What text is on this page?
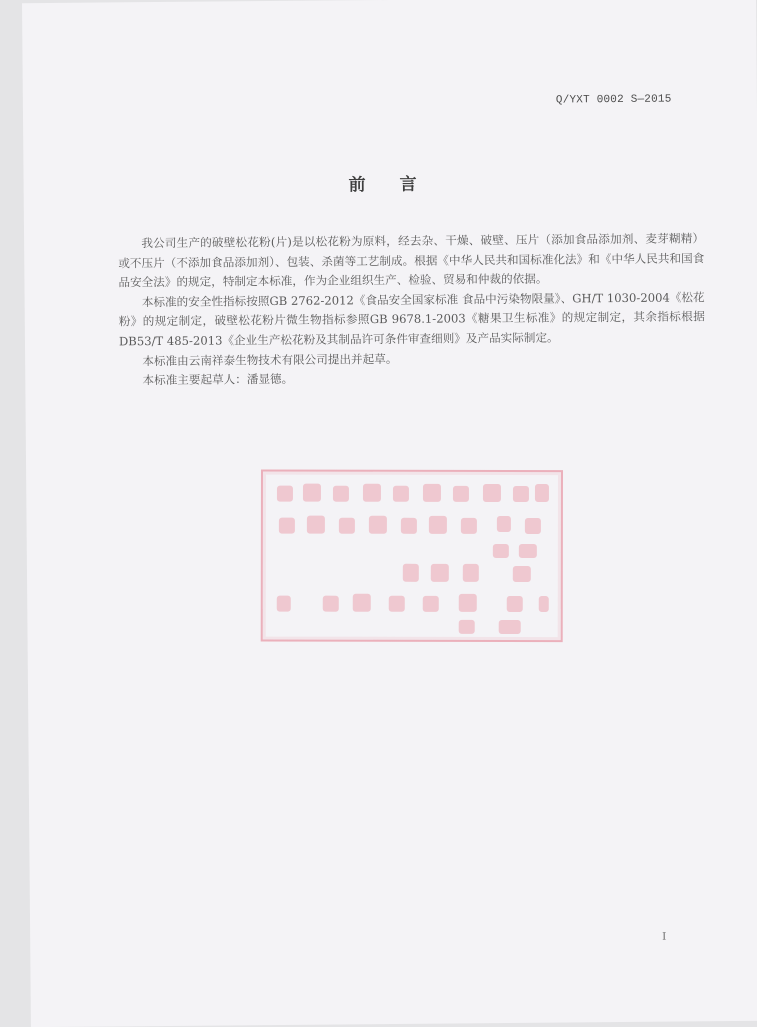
Q/YXT 0002 S—2015
前言

我公司生产的破壁松花粉(片)是以松花粉为原料，经去杂、干燥、破壁、压片（添加食品添加剂、麦芽糊精）或不压片（不添加食品添加剂）、包装、杀菌等工艺制成。根据《中华人民共和国标准化法》和《中华人民共和国食品安全法》的规定，特制定本标准，作为企业组织生产、检验、贸易和仲裁的依据。

本标准的安全性指标按照GB 2762-2012《食品安全国家标准 食品中污染物限量》、GH/T 1030-2004《松花粉》的规定制定，破壁松花粉片微生物指标参照GB 9678.1-2003《糖果卫生标准》的规定制定，其余指标根据DB53/T 485-2013《企业生产松花粉及其制品许可条件审查细则》及产品实际制定。

本标准由云南祥泰生物技术有限公司提出并起草。

本标准主要起草人：潘显德。

I
